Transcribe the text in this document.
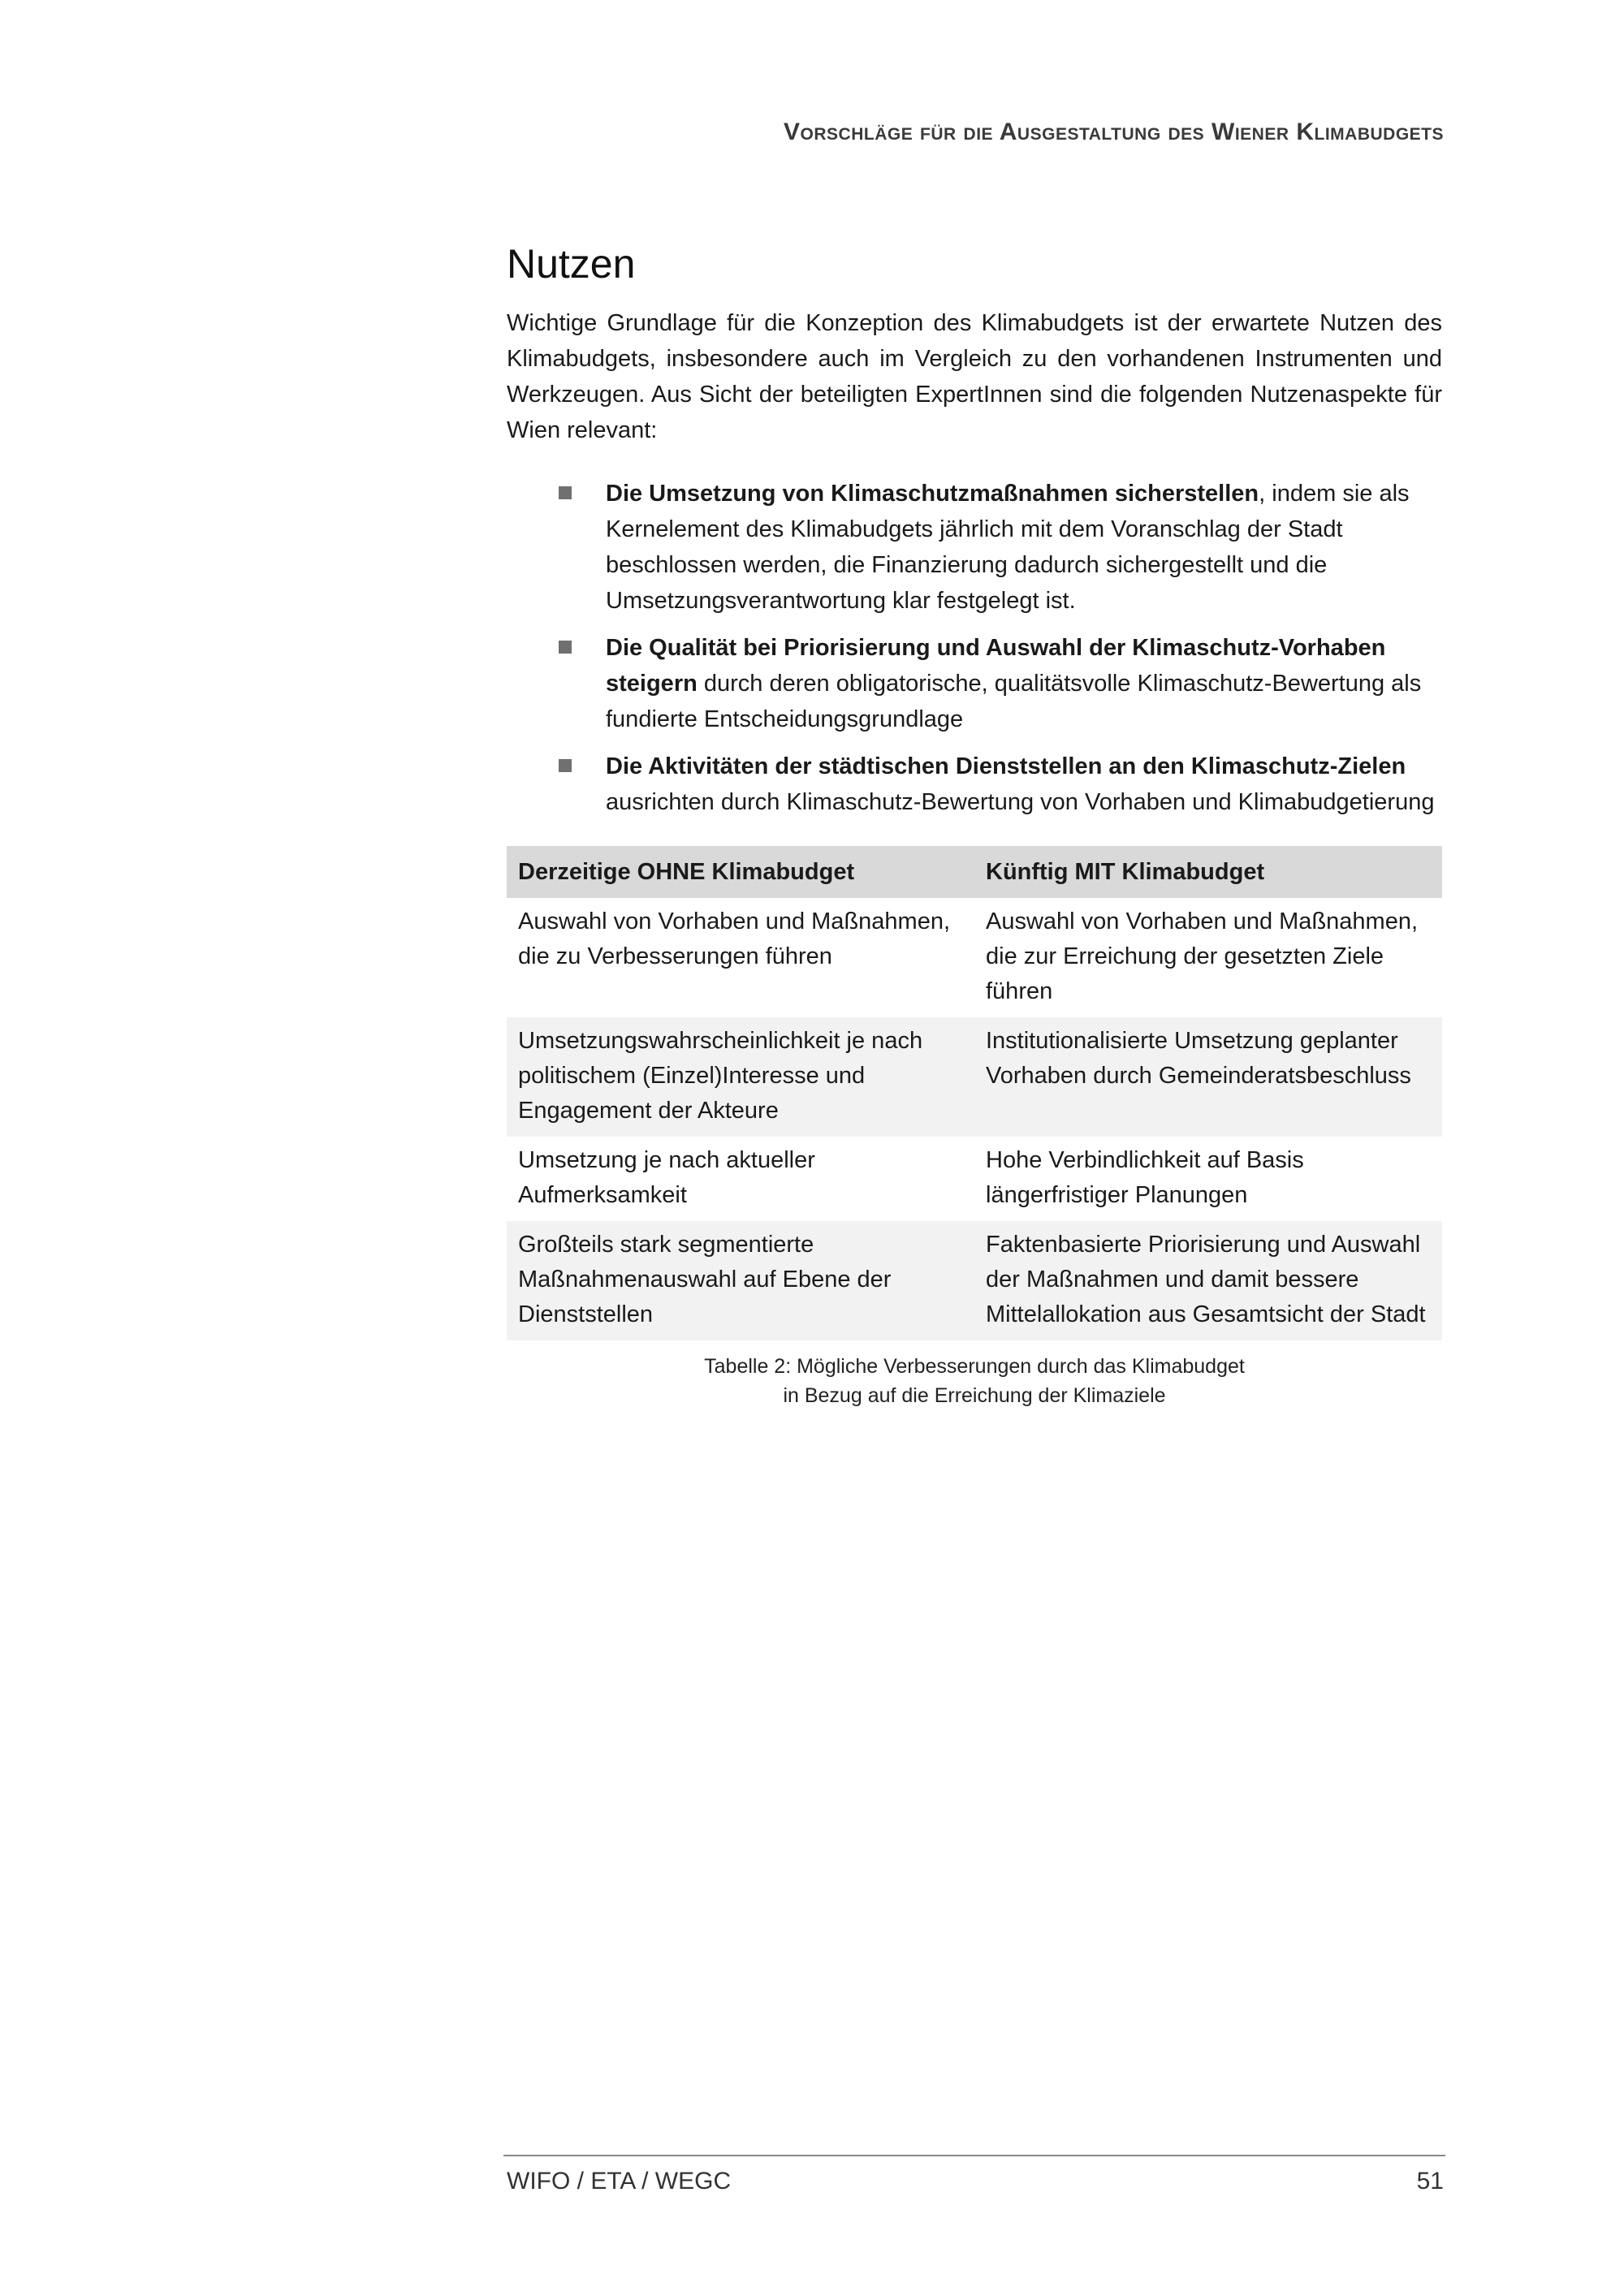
Vorschläge für die Ausgestaltung des Wiener Klimabudgets
Nutzen

Wichtige Grundlage für die Konzeption des Klimabudgets ist der erwartete Nutzen des Klimabudgets, insbesondere auch im Vergleich zu den vorhandenen Instrumenten und Werkzeugen. Aus Sicht der beteiligten ExpertInnen sind die folgenden Nutzenaspekte für Wien relevant:

Die Umsetzung von Klimaschutzmaßnahmen sicherstellen, indem sie als Kernelement des Klimabudgets jährlich mit dem Voranschlag der Stadt beschlossen werden, die Finanzierung dadurch sichergestellt und die Umsetzungsverantwortung klar festgelegt ist.
Die Qualität bei Priorisierung und Auswahl der Klimaschutz-Vorhaben steigern durch deren obligatorische, qualitätsvolle Klimaschutz-Bewertung als fundierte Entscheidungsgrundlage
Die Aktivitäten der städtischen Dienststellen an den Klimaschutz-Zielen ausrichten durch Klimaschutz-Bewertung von Vorhaben und Klimabudgetierung
Derzeitige OHNE Klimabudget	Künftig MIT Klimabudget
Auswahl von Vorhaben und Maßnahmen, die zu Verbesserungen führen	Auswahl von Vorhaben und Maßnahmen, die zur Erreichung der gesetzten Ziele führen
Umsetzungswahrscheinlichkeit je nach politischem (Einzel)Interesse und Engagement der Akteure	Institutionalisierte Umsetzung geplanter Vorhaben durch Gemeinderatsbeschluss
Umsetzung je nach aktueller Aufmerksamkeit	Hohe Verbindlichkeit auf Basis längerfristiger Planungen
Großteils stark segmentierte Maßnahmenauswahl auf Ebene der Dienststellen	Faktenbasierte Priorisierung und Auswahl der Maßnahmen und damit bessere Mittelallokation aus Gesamtsicht der Stadt
Tabelle 2: Mögliche Verbesserungen durch das Klimabudget
in Bezug auf die Erreichung der Klimaziele
WIFO / ETA / WEGC	51
